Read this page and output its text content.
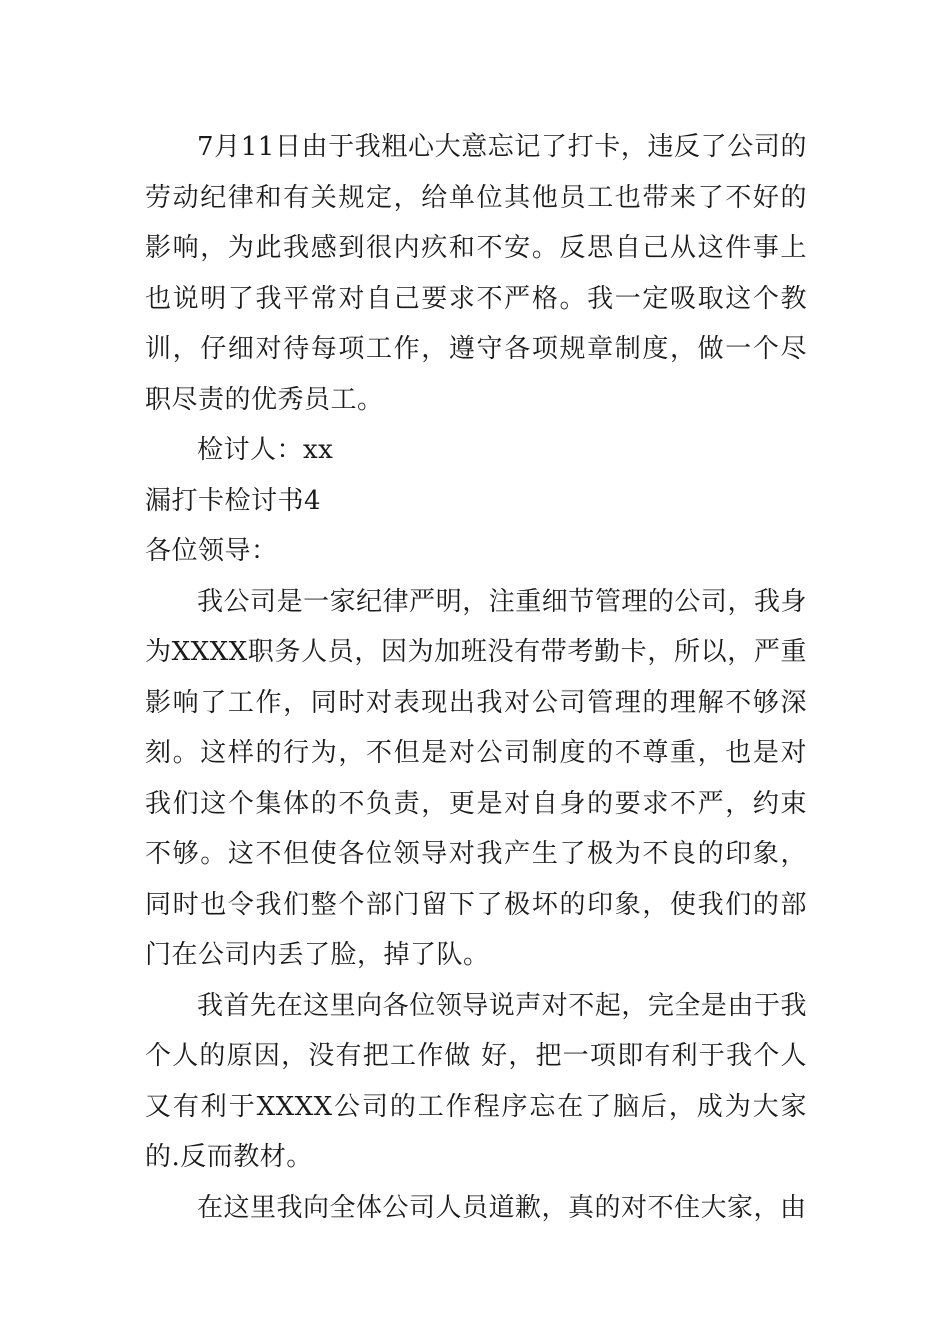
7月11日由于我粗心大意忘记了打卡，违反了公司的劳动纪律和有关规定，给单位其他员工也带来了不好的影响，为此我感到很内疚和不安。反思自己从这件事上也说明了我平常对自己要求不严格。我一定吸取这个教训，仔细对待每项工作，遵守各项规章制度，做一个尽职尽责的优秀员工。

检讨人：xx

漏打卡检讨书4

各位领导：

我公司是一家纪律严明，注重细节管理的公司，我身为XXXX职务人员，因为加班没有带考勤卡，所以，严重影响了工作，同时对表现出我对公司管理的理解不够深刻。这样的行为，不但是对公司制度的不尊重，也是对我们这个集体的不负责，更是对自身的要求不严，约束不够。这不但使各位领导对我产生了极为不良的印象，同时也令我们整个部门留下了极坏的印象，使我们的部门在公司内丢了脸，掉了队。

我首先在这里向各位领导说声对不起，完全是由于我个人的原因，没有把工作做 好，把一项即有利于我个人又有利于XXXX公司的工作程序忘在了脑后，成为大家的.反而教材。

在这里我向全体公司人员道歉，真的对不住大家，由
